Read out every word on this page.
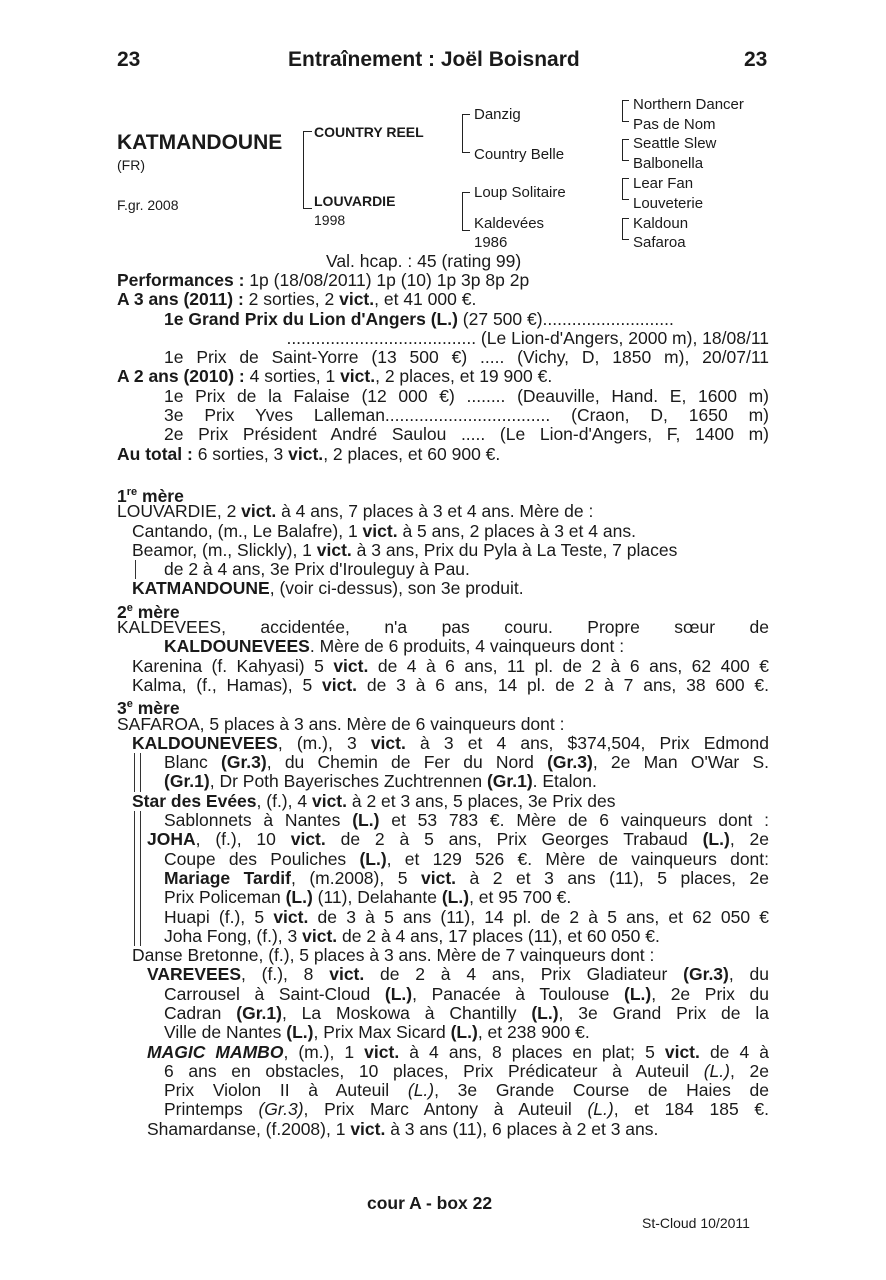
23	Entraînement : Joël Boisnard	23
KATMANDOUNE
(FR)
F.gr. 2008
COUNTRY REEL
LOUVARDIE
1998
Danzig
Country Belle
Loup Solitaire
Kaldevées
1986
Northern Dancer
Pas de Nom
Seattle Slew
Balbonella
Lear Fan
Louveterie
Kaldoun
Safaroa
Val. hcap. : 45 (rating 99)
Performances : 1p (18/08/2011) 1p (10) 1p 3p 8p 2p
A 3 ans (2011) : 2 sorties, 2 vict., et 41 000 €.
1e Grand Prix du Lion d'Angers (L.) (27 500 €)...........................
....................................... (Le Lion-d'Angers, 2000 m), 18/08/11
1e Prix de Saint-Yorre (13 500 €) ..... (Vichy, D, 1850 m), 20/07/11
A 2 ans (2010) : 4 sorties, 1 vict., 2 places, et 19 900 €.
1e Prix de la Falaise (12 000 €) ........ (Deauville, Hand. E, 1600 m)
3e Prix Yves Lalleman.................................. (Craon, D, 1650 m)
2e Prix Président André Saulou ..... (Le Lion-d'Angers, F, 1400 m)
Au total : 6 sorties, 3 vict., 2 places, et 60 900 €.
1re mère
LOUVARDIE, 2 vict. à 4 ans, 7 places à 3 et 4 ans. Mère de :
Cantando, (m., Le Balafre), 1 vict. à 5 ans, 2 places à 3 et 4 ans.
Beamor, (m., Slickly), 1 vict. à 3 ans, Prix du Pyla à La Teste, 7 places
de 2 à 4 ans, 3e Prix d'Irouleguy à Pau.
KATMANDOUNE, (voir ci-dessus), son 3e produit.
2e mère
KALDEVEES, accidentée, n'a pas couru. Propre sœur de
KALDOUNEVEES. Mère de 6 produits, 4 vainqueurs dont :
Karenina (f. Kahyasi) 5 vict. de 4 à 6 ans, 11 pl. de 2 à 6 ans, 62 400 €
Kalma, (f., Hamas), 5 vict. de 3 à 6 ans, 14 pl. de 2 à 7 ans, 38 600 €.
3e mère
SAFAROA, 5 places à 3 ans. Mère de 6 vainqueurs dont :
KALDOUNEVEES, (m.), 3 vict. à 3 et 4 ans, $374,504, Prix Edmond
Blanc (Gr.3), du Chemin de Fer du Nord (Gr.3), 2e Man O'War S.
(Gr.1), Dr Poth Bayerisches Zuchtrennen (Gr.1). Etalon.
Star des Evées, (f.), 4 vict. à 2 et 3 ans, 5 places, 3e Prix des
Sablonnets à Nantes (L.) et 53 783 €. Mère de 6 vainqueurs dont :
JOHA, (f.), 10 vict. de 2 à 5 ans, Prix Georges Trabaud (L.), 2e
Coupe des Pouliches (L.), et 129 526 €. Mère de vainqueurs dont:
Mariage Tardif, (m.2008), 5 vict. à 2 et 3 ans (11), 5 places, 2e
Prix Policeman (L.) (11), Delahante (L.), et 95 700 €.
Huapi (f.), 5 vict. de 3 à 5 ans (11), 14 pl. de 2 à 5 ans, et 62 050 €
Joha Fong, (f.), 3 vict. de 2 à 4 ans, 17 places (11), et 60 050 €.
Danse Bretonne, (f.), 5 places à 3 ans. Mère de 7 vainqueurs dont :
VAREVEES, (f.), 8 vict. de 2 à 4 ans, Prix Gladiateur (Gr.3), du
Carrousel à Saint-Cloud (L.), Panacée à Toulouse (L.), 2e Prix du
Cadran (Gr.1), La Moskowa à Chantilly (L.), 3e Grand Prix de la
Ville de Nantes (L.), Prix Max Sicard (L.), et 238 900 €.
MAGIC MAMBO, (m.), 1 vict. à 4 ans, 8 places en plat; 5 vict. de 4 à
6 ans en obstacles, 10 places, Prix Prédicateur à Auteuil (L.), 2e
Prix Violon II à Auteuil (L.), 3e Grande Course de Haies de
Printemps (Gr.3), Prix Marc Antony à Auteuil (L.), et 184 185 €.
Shamardanse, (f.2008), 1 vict. à 3 ans (11), 6 places à 2 et 3 ans.
cour A - box 22
St-Cloud 10/2011
